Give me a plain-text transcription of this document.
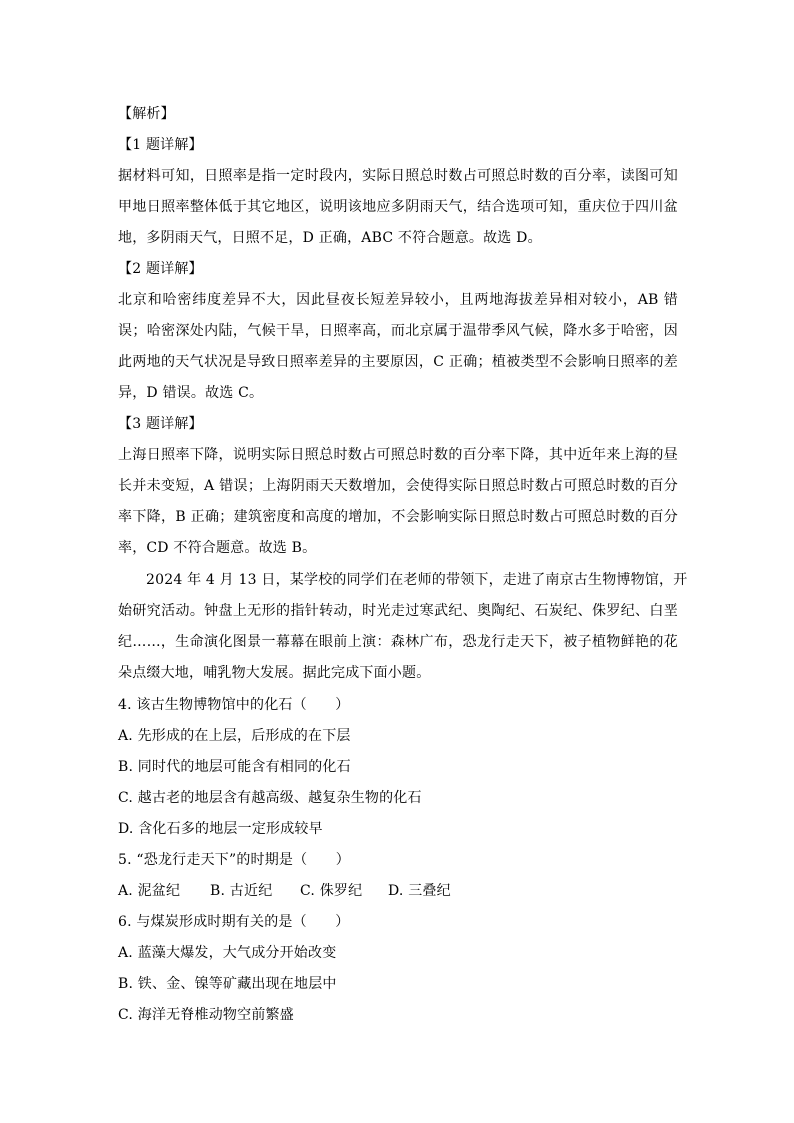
【解析】

【1 题详解】

据材料可知，日照率是指一定时段内，实际日照总时数占可照总时数的百分率，读图可知

甲地日照率整体低于其它地区，说明该地应多阴雨天气，结合选项可知，重庆位于四川盆

地，多阴雨天气，日照不足，D 正确，ABC 不符合题意。故选 D。

【2 题详解】

北京和哈密纬度差异不大，因此昼夜长短差异较小，且两地海拔差异相对较小，AB 错

误；哈密深处内陆，气候干旱，日照率高，而北京属于温带季风气候，降水多于哈密，因

此两地的天气状况是导致日照率差异的主要原因，C 正确；植被类型不会影响日照率的差

异，D 错误。故选 C。

【3 题详解】

上海日照率下降，说明实际日照总时数占可照总时数的百分率下降，其中近年来上海的昼

长并未变短，A 错误；上海阴雨天天数增加，会使得实际日照总时数占可照总时数的百分

率下降，B 正确；建筑密度和高度的增加，不会影响实际日照总时数占可照总时数的百分

率，CD 不符合题意。故选 B。

2024 年 4 月 13 日，某学校的同学们在老师的带领下，走进了南京古生物博物馆，开

始研究活动。钟盘上无形的指针转动，时光走过寒武纪、奥陶纪、石炭纪、侏罗纪、白垩

纪……，生命演化图景一幕幕在眼前上演：森林广布，恐龙行走天下，被子植物鲜艳的花

朵点缀大地，哺乳物大发展。据此完成下面小题。

4. 该古生物博物馆中的化石（　　）

A. 先形成的在上层，后形成的在下层

B. 同时代的地层可能含有相同的化石

C. 越古老的地层含有越高级、越复杂生物的化石

D. 含化石多的地层一定形成较早

5. “恐龙行走天下”的时期是（　　）

A. 泥盆纪 B. 古近纪 C. 侏罗纪 D. 三叠纪

6. 与煤炭形成时期有关的是（　　）

A. 蓝藻大爆发，大气成分开始改变

B. 铁、金、镍等矿藏出现在地层中

C. 海洋无脊椎动物空前繁盛
